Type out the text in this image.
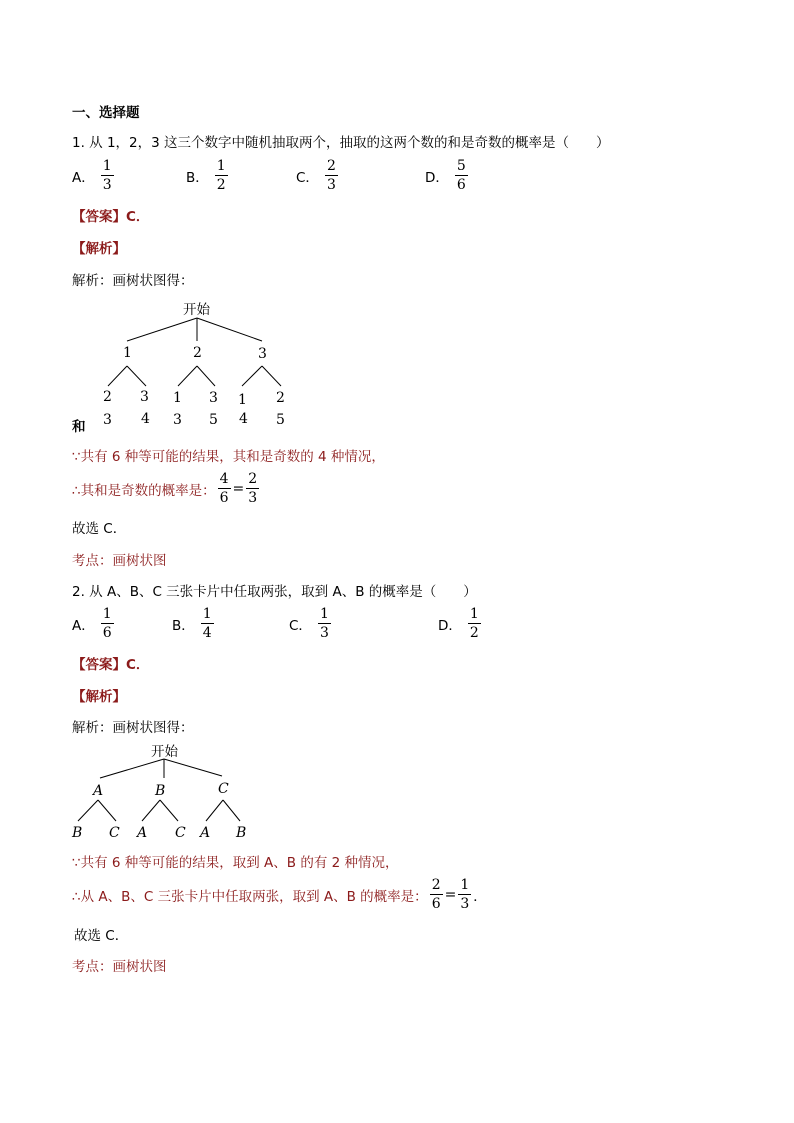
一、选择题
1. 从 1，2，3 这三个数字中随机抽取两个，抽取的这两个数的和是奇数的概率是（　　）
A． $\frac{1}{3}$	B． $\frac{1}{2}$	C． $\frac{2}{3}$	D． $\frac{5}{6}$
【答案】C．
【解析】
解析：画树状图得：
开始
1	2	3
2 3 1 3 1 2
和 3 4 3 5 4 5
∵共有 6 种等可能的结果，其和是奇数的 4 种情况，
∴其和是奇数的概率是： $\frac{4}{6} = \frac{2}{3}$
故选 C．
考点：画树状图
2. 从 A、B、C 三张卡片中任取两张，取到 A、B 的概率是（　　）
A． $\frac{1}{6}$	B． $\frac{1}{4}$	C． $\frac{1}{3}$	D． $\frac{1}{2}$
【答案】C．
【解析】
解析：画树状图得：
开始
A	B	C
B C A C A B
∵共有 6 种等可能的结果，取到 A、B 的有 2 种情况，
∴从 A、B、C 三张卡片中任取两张，取到 A、B 的概率是： $\frac{2}{6} = \frac{1}{3}$ ．
故选 C．
考点：画树状图
